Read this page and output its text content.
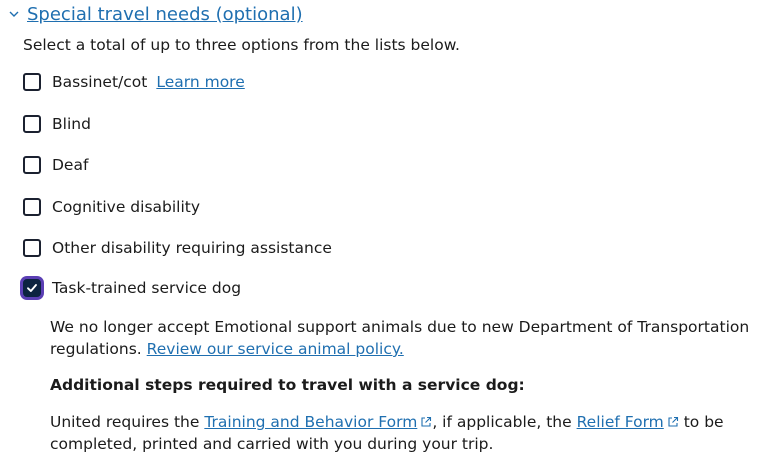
Special travel needs (optional)
Select a total of up to three options from the lists below.
Bassinet/cot Learn more
Blind
Deaf
Cognitive disability
Other disability requiring assistance
Task-trained service dog
We no longer accept Emotional support animals due to new Department of Transportation regulations. Review our service animal policy.
Additional steps required to travel with a service dog:
United requires the Training and Behavior Form , if applicable, the Relief Form to be completed, printed and carried with you during your trip.
